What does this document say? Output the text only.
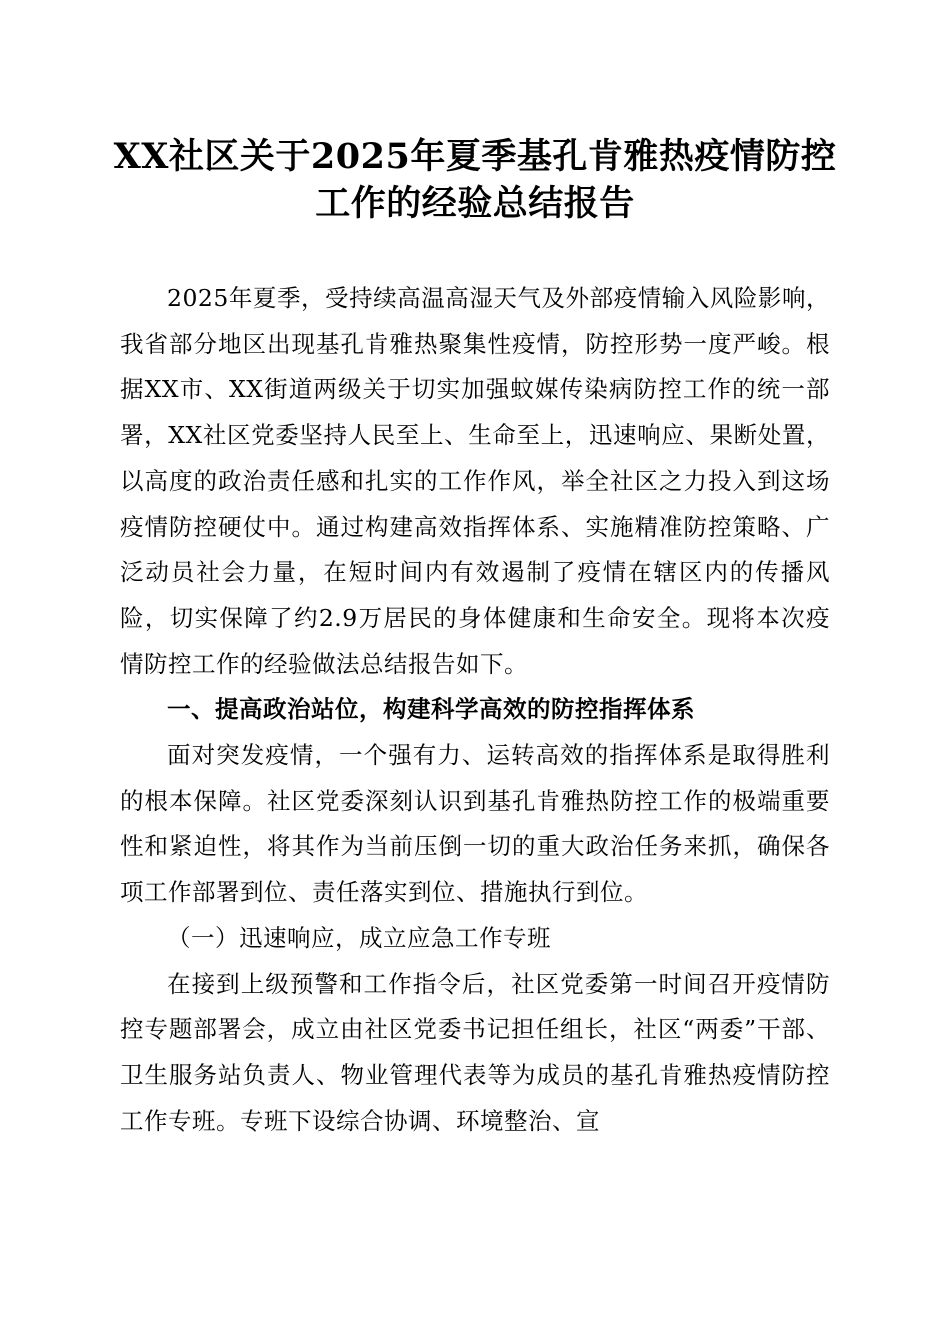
XX社区关于2025年夏季基孔肯雅热疫情防控
工作的经验总结报告

2025年夏季，受持续高温高湿天气及外部疫情输入风险影响，我省部分地区出现基孔肯雅热聚集性疫情，防控形势一度严峻。根据XX市、XX街道两级关于切实加强蚊媒传染病防控工作的统一部署，XX社区党委坚持人民至上、生命至上，迅速响应、果断处置，以高度的政治责任感和扎实的工作作风，举全社区之力投入到这场疫情防控硬仗中。通过构建高效指挥体系、实施精准防控策略、广泛动员社会力量，在短时间内有效遏制了疫情在辖区内的传播风险，切实保障了约2.9万居民的身体健康和生命安全。现将本次疫情防控工作的经验做法总结报告如下。

一、提高政治站位，构建科学高效的防控指挥体系

面对突发疫情，一个强有力、运转高效的指挥体系是取得胜利的根本保障。社区党委深刻认识到基孔肯雅热防控工作的极端重要性和紧迫性，将其作为当前压倒一切的重大政治任务来抓，确保各项工作部署到位、责任落实到位、措施执行到位。

（一）迅速响应，成立应急工作专班

在接到上级预警和工作指令后，社区党委第一时间召开疫情防控专题部署会，成立由社区党委书记担任组长，社区“两委”干部、卫生服务站负责人、物业管理代表等为成员的基孔肯雅热疫情防控工作专班。专班下设综合协调、环境整治、宣
